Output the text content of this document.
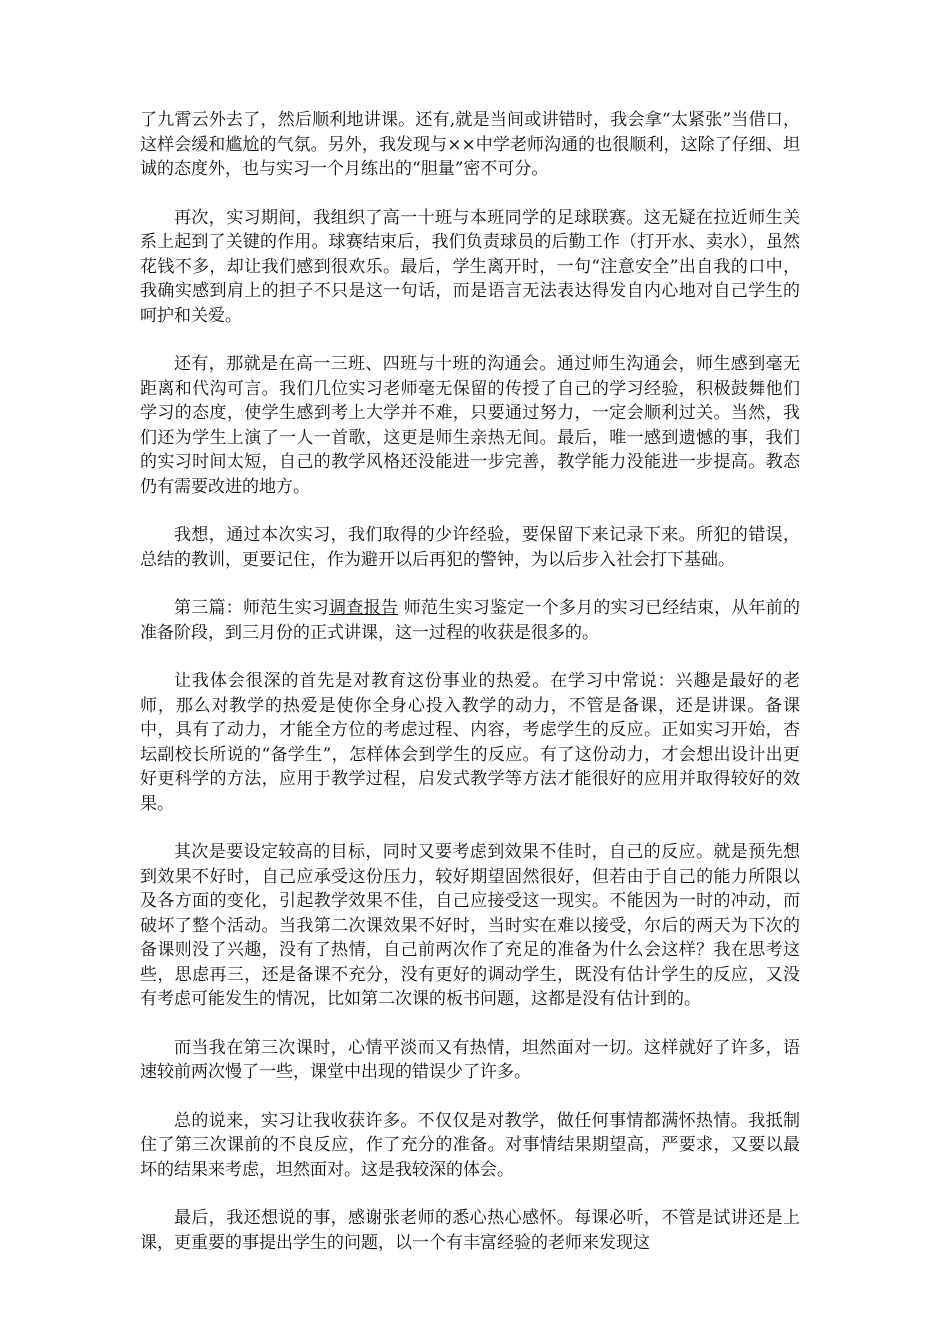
了九霄云外去了，然后顺利地讲课。还有,就是当间或讲错时，我会拿“太紧张”当借口，这样会缓和尴尬的气氛。另外，我发现与××中学老师沟通的也很顺利，这除了仔细、坦诚的态度外，也与实习一个月练出的“胆量”密不可分。

再次，实习期间，我组织了高一十班与本班同学的足球联赛。这无疑在拉近师生关系上起到了关键的作用。球赛结束后，我们负责球员的后勤工作（打开水、卖水），虽然花钱不多，却让我们感到很欢乐。最后，学生离开时，一句“注意安全”出自我的口中，我确实感到肩上的担子不只是这一句话，而是语言无法表达得发自内心地对自己学生的呵护和关爱。

还有，那就是在高一三班、四班与十班的沟通会。通过师生沟通会，师生感到毫无距离和代沟可言。我们几位实习老师毫无保留的传授了自己的学习经验，积极鼓舞他们学习的态度，使学生感到考上大学并不难，只要通过努力，一定会顺利过关。当然，我们还为学生上演了一人一首歌，这更是师生亲热无间。最后，唯一感到遗憾的事，我们的实习时间太短，自己的教学风格还没能进一步完善，教学能力没能进一步提高。教态仍有需要改进的地方。

我想，通过本次实习，我们取得的少许经验，要保留下来记录下来。所犯的错误，总结的教训，更要记住，作为避开以后再犯的警钟，为以后步入社会打下基础。

第三篇：师范生实习调查报告 师范生实习鉴定一个多月的实习已经结束，从年前的准备阶段，到三月份的正式讲课，这一过程的收获是很多的。

让我体会很深的首先是对教育这份事业的热爱。在学习中常说：兴趣是最好的老师，那么对教学的热爱是使你全身心投入教学的动力，不管是备课，还是讲课。备课中，具有了动力，才能全方位的考虑过程、内容，考虑学生的反应。正如实习开始，杏坛副校长所说的“备学生”，怎样体会到学生的反应。有了这份动力，才会想出设计出更好更科学的方法，应用于教学过程，启发式教学等方法才能很好的应用并取得较好的效果。

其次是要设定较高的目标，同时又要考虑到效果不佳时，自己的反应。就是预先想到效果不好时，自己应承受这份压力，较好期望固然很好，但若由于自己的能力所限以及各方面的变化，引起教学效果不佳，自己应接受这一现实。不能因为一时的冲动，而破坏了整个活动。当我第二次课效果不好时，当时实在难以接受，尔后的两天为下次的备课则没了兴趣，没有了热情，自己前两次作了充足的准备为什么会这样？我在思考这些，思虑再三，还是备课不充分，没有更好的调动学生，既没有估计学生的反应，又没有考虑可能发生的情况，比如第二次课的板书问题，这都是没有估计到的。

而当我在第三次课时，心情平淡而又有热情，坦然面对一切。这样就好了许多，语速较前两次慢了一些，课堂中出现的错误少了许多。

总的说来，实习让我收获许多。不仅仅是对教学，做任何事情都满怀热情。我抵制住了第三次课前的不良反应，作了充分的准备。对事情结果期望高，严要求，又要以最坏的结果来考虑，坦然面对。这是我较深的体会。

最后，我还想说的事，感谢张老师的悉心热心感怀。每课必听，不管是试讲还是上课，更重要的事提出学生的问题，以一个有丰富经验的老师来发现这
